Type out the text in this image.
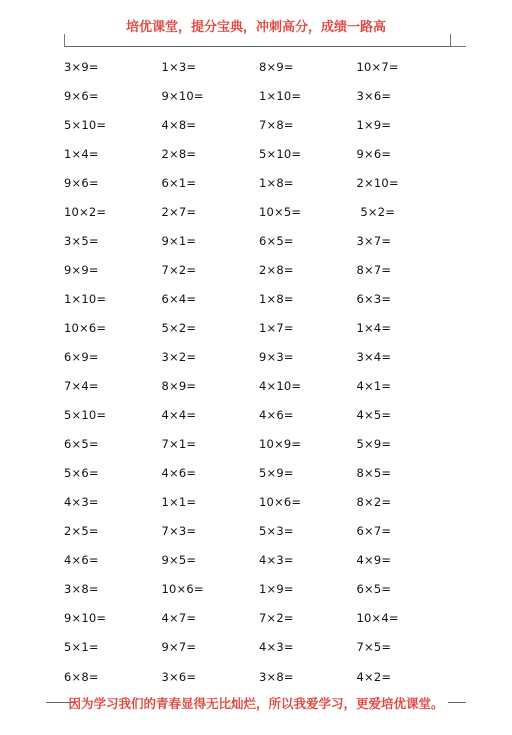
培优课堂，提分宝典，冲刺高分，成绩一路高
3×9=	1×3=	8×9=	10×7=
9×6=	9×10=	1×10=	3×6=
5×10=	4×8=	7×8=	1×9=
1×4=	2×8=	5×10=	9×6=
9×6=	6×1=	1×8=	2×10=
10×2=	2×7=	10×5=	5×2=
3×5=	9×1=	6×5=	3×7=
9×9=	7×2=	2×8=	8×7=
1×10=	6×4=	1×8=	6×3=
10×6=	5×2=	1×7=	1×4=
6×9=	3×2=	9×3=	3×4=
7×4=	8×9=	4×10=	4×1=
5×10=	4×4=	4×6=	4×5=
6×5=	7×1=	10×9=	5×9=
5×6=	4×6=	5×9=	8×5=
4×3=	1×1=	10×6=	8×2=
2×5=	7×3=	5×3=	6×7=
4×6=	9×5=	4×3=	4×9=
3×8=	10×6=	1×9=	6×5=
9×10=	4×7=	7×2=	10×4=
5×1=	9×7=	4×3=	7×5=
6×8=	3×6=	3×8=	4×2=
因为学习我们的青春显得无比灿烂，所以我爱学习，更爱培优课堂。
